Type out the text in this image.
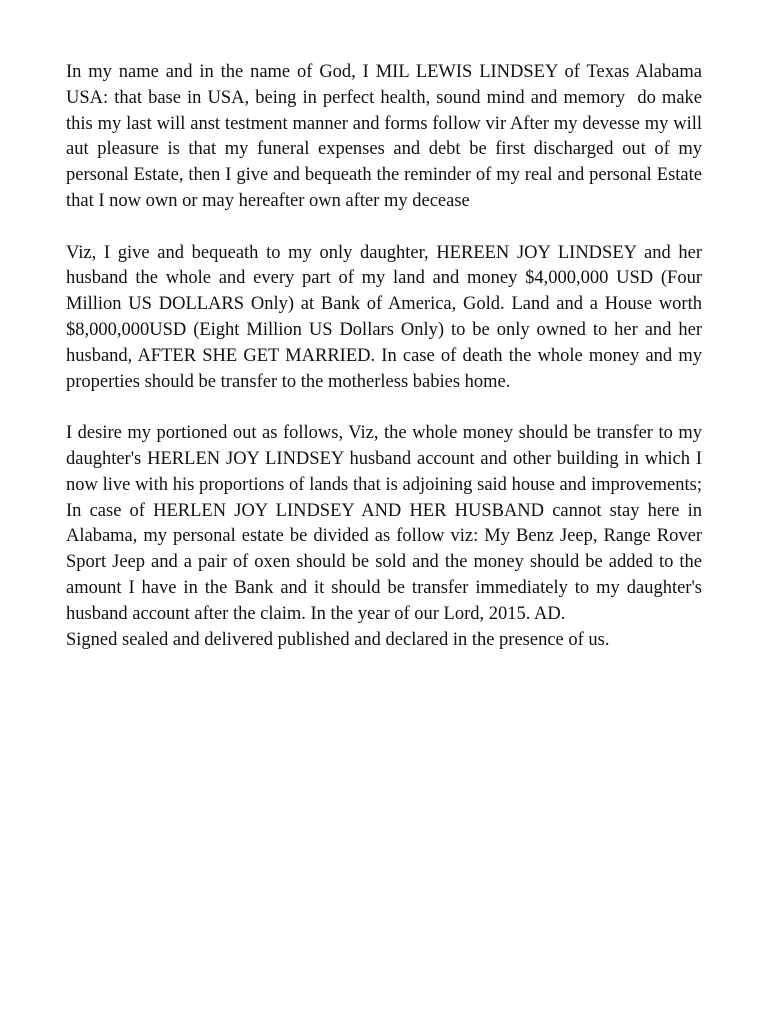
In my name and in the name of God, I MIL LEWIS LINDSEY of Texas Alabama USA: that base in USA, being in perfect health, sound mind and memory  do make this my last will anst testment manner and forms follow vir After my devesse my will aut pleasure is that my funeral expenses and debt be first discharged out of my personal Estate, then I give and bequeath the reminder of my real and personal Estate that I now own or may hereafter own after my decease

Viz, I give and bequeath to my only daughter, HEREEN JOY LINDSEY and her husband the whole and every part of my land and money $4,000,000 USD (Four Million US DOLLARS Only) at Bank of America, Gold. Land and a House worth $8,000,000USD (Eight Million US Dollars Only) to be only owned to her and her husband, AFTER SHE GET MARRIED. In case of death the whole money and my properties should be transfer to the motherless babies home.

I desire my portioned out as follows, Viz, the whole money should be transfer to my daughter's HERLEN JOY LINDSEY husband account and other building in which I now live with his proportions of lands that is adjoining said house and improvements; In case of HERLEN JOY LINDSEY AND HER HUSBAND cannot stay here in Alabama, my personal estate be divided as follow viz: My Benz Jeep, Range Rover Sport Jeep and a pair of oxen should be sold and the money should be added to the amount I have in the Bank and it should be transfer immediately to my daughter's husband account after the claim. In the year of our Lord, 2015. AD.

Signed sealed and delivered published and declared in the presence of us.
